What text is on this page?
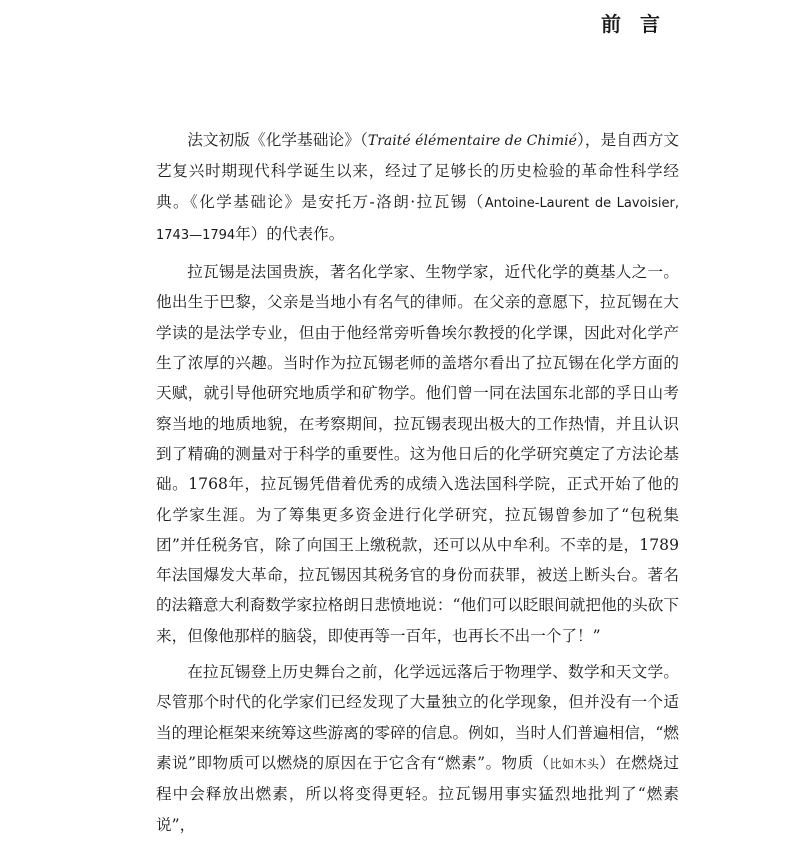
前 言

法文初版《化学基础论》（Traité élémentaire de Chimié），是自西方文艺复兴时期现代科学诞生以来，经过了足够长的历史检验的革命性科学经典。《化学基础论》是安托万-洛朗·拉瓦锡（Antoine-Laurent de Lavoisier, 1743—1794年）的代表作。

拉瓦锡是法国贵族，著名化学家、生物学家，近代化学的奠基人之一。他出生于巴黎，父亲是当地小有名气的律师。在父亲的意愿下，拉瓦锡在大学读的是法学专业，但由于他经常旁听鲁埃尔教授的化学课，因此对化学产生了浓厚的兴趣。当时作为拉瓦锡老师的盖塔尔看出了拉瓦锡在化学方面的天赋，就引导他研究地质学和矿物学。他们曾一同在法国东北部的孚日山考察当地的地质地貌，在考察期间，拉瓦锡表现出极大的工作热情，并且认识到了精确的测量对于科学的重要性。这为他日后的化学研究奠定了方法论基础。1768年，拉瓦锡凭借着优秀的成绩入选法国科学院，正式开始了他的化学家生涯。为了筹集更多资金进行化学研究，拉瓦锡曾参加了“包税集团”并任税务官，除了向国王上缴税款，还可以从中牟利。不幸的是，1789年法国爆发大革命，拉瓦锡因其税务官的身份而获罪，被送上断头台。著名的法籍意大利裔数学家拉格朗日悲愤地说：“他们可以眨眼间就把他的头砍下来，但像他那样的脑袋，即使再等一百年，也再长不出一个了！”

在拉瓦锡登上历史舞台之前，化学远远落后于物理学、数学和天文学。尽管那个时代的化学家们已经发现了大量独立的化学现象，但并没有一个适当的理论框架来统筹这些游离的零碎的信息。例如，当时人们普遍相信，“燃素说”即物质可以燃烧的原因在于它含有“燃素”。物质（比如木头）在燃烧过程中会释放出燃素，所以将变得更轻。拉瓦锡用事实猛烈地批判了“燃素说”，
